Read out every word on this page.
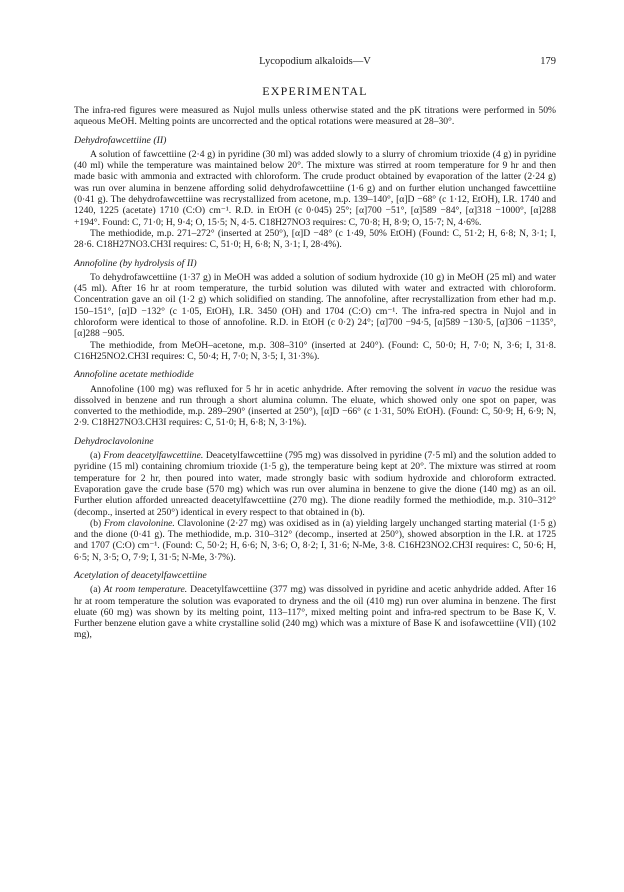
Lycopodium alkaloids—V	179
EXPERIMENTAL

The infra-red figures were measured as Nujol mulls unless otherwise stated and the pK titrations were performed in 50% aqueous MeOH. Melting points are uncorrected and the optical rotations were measured at 28–30°.

Dehydrofawcettiine (II)

A solution of fawcettiine (2·4 g) in pyridine (30 ml) was added slowly to a slurry of chromium trioxide (4 g) in pyridine (40 ml) while the temperature was maintained below 20°. The mixture was stirred at room temperature for 9 hr and then made basic with ammonia and extracted with chloroform. The crude product obtained by evaporation of the latter (2·24 g) was run over alumina in benzene affording solid dehydrofawcettiine (1·6 g) and on further elution unchanged fawcettiine (0·41 g). The dehydrofawcettiine was recrystallized from acetone, m.p. 139–140°, [α]D −68° (c 1·12, EtOH), I.R. 1740 and 1240, 1225 (acetate) 1710 (C:O) cm⁻¹. R.D. in EtOH (c 0·045) 25°; [α]700 −51°, [α]589 −84°, [α]318 −1000°, [α]288 +194°. Found: C, 71·0; H, 9·4; O, 15·5; N, 4·5. C18H27NO3 requires: C, 70·8; H, 8·9; O, 15·7; N, 4·6%.

The methiodide, m.p. 271–272° (inserted at 250°), [α]D −48° (c 1·49, 50% EtOH) (Found: C, 51·2; H, 6·8; N, 3·1; I, 28·6. C18H27NO3.CH3I requires: C, 51·0; H, 6·8; N, 3·1; I, 28·4%).

Annofoline (by hydrolysis of II)

To dehydrofawcettiine (1·37 g) in MeOH was added a solution of sodium hydroxide (10 g) in MeOH (25 ml) and water (45 ml). After 16 hr at room temperature, the turbid solution was diluted with water and extracted with chloroform. Concentration gave an oil (1·2 g) which solidified on standing. The annofoline, after recrystallization from ether had m.p. 150–151°, [α]D −132° (c 1·05, EtOH), I.R. 3450 (OH) and 1704 (C:O) cm⁻¹. The infra-red spectra in Nujol and in chloroform were identical to those of annofoline. R.D. in EtOH (c 0·2) 24°; [α]700 −94·5, [α]589 −130·5, [α]306 −1135°, [α]288 −905.

The methiodide, from MeOH–acetone, m.p. 308–310° (inserted at 240°). (Found: C, 50·0; H, 7·0; N, 3·6; I, 31·8. C16H25NO2.CH3I requires: C, 50·4; H, 7·0; N, 3·5; I, 31·3%).

Annofoline acetate methiodide

Annofoline (100 mg) was refluxed for 5 hr in acetic anhydride. After removing the solvent in vacuo the residue was dissolved in benzene and run through a short alumina column. The eluate, which showed only one spot on paper, was converted to the methiodide, m.p. 289–290° (inserted at 250°), [α]D −66° (c 1·31, 50% EtOH). (Found: C, 50·9; H, 6·9; N, 2·9. C18H27NO3.CH3I requires: C, 51·0; H, 6·8; N, 3·1%).

Dehydroclavolonine

(a) From deacetylfawcettiine. Deacetylfawcettiine (795 mg) was dissolved in pyridine (7·5 ml) and the solution added to pyridine (15 ml) containing chromium trioxide (1·5 g), the temperature being kept at 20°. The mixture was stirred at room temperature for 2 hr, then poured into water, made strongly basic with sodium hydroxide and chloroform extracted. Evaporation gave the crude base (570 mg) which was run over alumina in benzene to give the dione (140 mg) as an oil. Further elution afforded unreacted deacetylfawcettiine (270 mg). The dione readily formed the methiodide, m.p. 310–312° (decomp., inserted at 250°) identical in every respect to that obtained in (b).

(b) From clavolonine. Clavolonine (2·27 mg) was oxidised as in (a) yielding largely unchanged starting material (1·5 g) and the dione (0·41 g). The methiodide, m.p. 310–312° (decomp., inserted at 250°), showed absorption in the I.R. at 1725 and 1707 (C:O) cm⁻¹. (Found: C, 50·2; H, 6·6; N, 3·6; O, 8·2; I, 31·6; N-Me, 3·8. C16H23NO2.CH3I requires: C, 50·6; H, 6·5; N, 3·5; O, 7·9; I, 31·5; N-Me, 3·7%).

Acetylation of deacetylfawcettiine

(a) At room temperature. Deacetylfawcettiine (377 mg) was dissolved in pyridine and acetic anhydride added. After 16 hr at room temperature the solution was evaporated to dryness and the oil (410 mg) run over alumina in benzene. The first eluate (60 mg) was shown by its melting point, 113–117°, mixed melting point and infra-red spectrum to be Base K, V. Further benzene elution gave a white crystalline solid (240 mg) which was a mixture of Base K and isofawcettiine (VII) (102 mg),
